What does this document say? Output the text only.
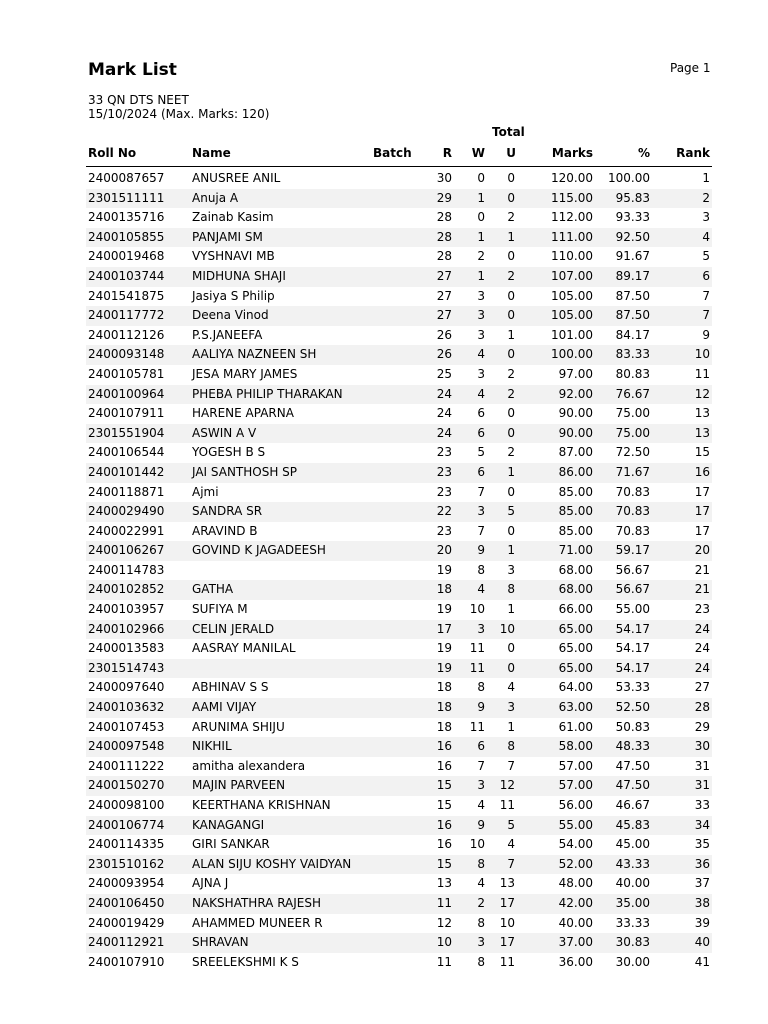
Mark List	Page 1
33 QN DTS NEET
15/10/2024 (Max. Marks: 120)
Total
Roll No	Name	Batch	R W U	Marks	% Rank
2400087657 ANUSREE ANIL	30 0 0	120.00 100.00	1
2301511111 Anuja A	29 1 0	115.00 95.83	2
2400135716 Zainab Kasim	28 0 2	112.00 93.33	3
2400105855 PANJAMI SM	28 1 1	111.00 92.50	4
2400019468 VYSHNAVI MB	28 2 0	110.00 91.67	5
2400103744 MIDHUNA SHAJI	27 1 2	107.00 89.17	6
2401541875 Jasiya S Philip	27 3 0	105.00 87.50	7
2400117772 Deena Vinod	27 3 0	105.00 87.50	7
2400112126 P.S.JANEEFA	26 3 1	101.00 84.17	9
2400093148 AALIYA NAZNEEN SH	26 4 0	100.00 83.33	10
2400105781 JESA MARY JAMES	25 3 2	97.00 80.83	11
2400100964 PHEBA PHILIP THARAKAN	24 4 2	92.00 76.67	12
2400107911 HARENE APARNA	24 6 0	90.00 75.00	13
2301551904 ASWIN A V	24 6 0	90.00 75.00	13
2400106544 YOGESH B S	23 5 2	87.00 72.50	15
2400101442 JAI SANTHOSH SP	23 6 1	86.00 71.67	16
2400118871 Ajmi	23 7 0	85.00 70.83	17
2400029490 SANDRA SR	22 3 5	85.00 70.83	17
2400022991 ARAVIND B	23 7 0	85.00 70.83	17
2400106267 GOVIND K JAGADEESH	20 9 1	71.00 59.17	20
2400114783	19 8 3	68.00 56.67	21
2400102852 GATHA	18 4 8	68.00 56.67	21
2400103957 SUFIYA M	19 10 1	66.00 55.00	23
2400102966 CELIN JERALD	17 3 10	65.00 54.17	24
2400013583 AASRAY MANILAL	19 11 0	65.00 54.17	24
2301514743	19 11 0	65.00 54.17	24
2400097640 ABHINAV S S	18 8 4	64.00 53.33	27
2400103632 AAMI VIJAY	18 9 3	63.00 52.50	28
2400107453 ARUNIMA SHIJU	18 11 1	61.00 50.83	29
2400097548 NIKHIL	16 6 8	58.00 48.33	30
2400111222 amitha alexandera	16 7 7	57.00 47.50	31
2400150270 MAJIN PARVEEN	15 3 12	57.00 47.50	31
2400098100 KEERTHANA KRISHNAN	15 4 11	56.00 46.67	33
2400106774 KANAGANGI	16 9 5	55.00 45.83	34
2400114335 GIRI SANKAR	16 10 4	54.00 45.00	35
2301510162 ALAN SIJU KOSHY VAIDYAN	15 8 7	52.00 43.33	36
2400093954 AJNA J	13 4 13	48.00 40.00	37
2400106450 NAKSHATHRA RAJESH	11 2 17	42.00 35.00	38
2400019429 AHAMMED MUNEER R	12 8 10	40.00 33.33	39
2400112921 SHRAVAN	10 3 17	37.00 30.83	40
2400107910 SREELEKSHMI K S	11 8 11	36.00 30.00	41
